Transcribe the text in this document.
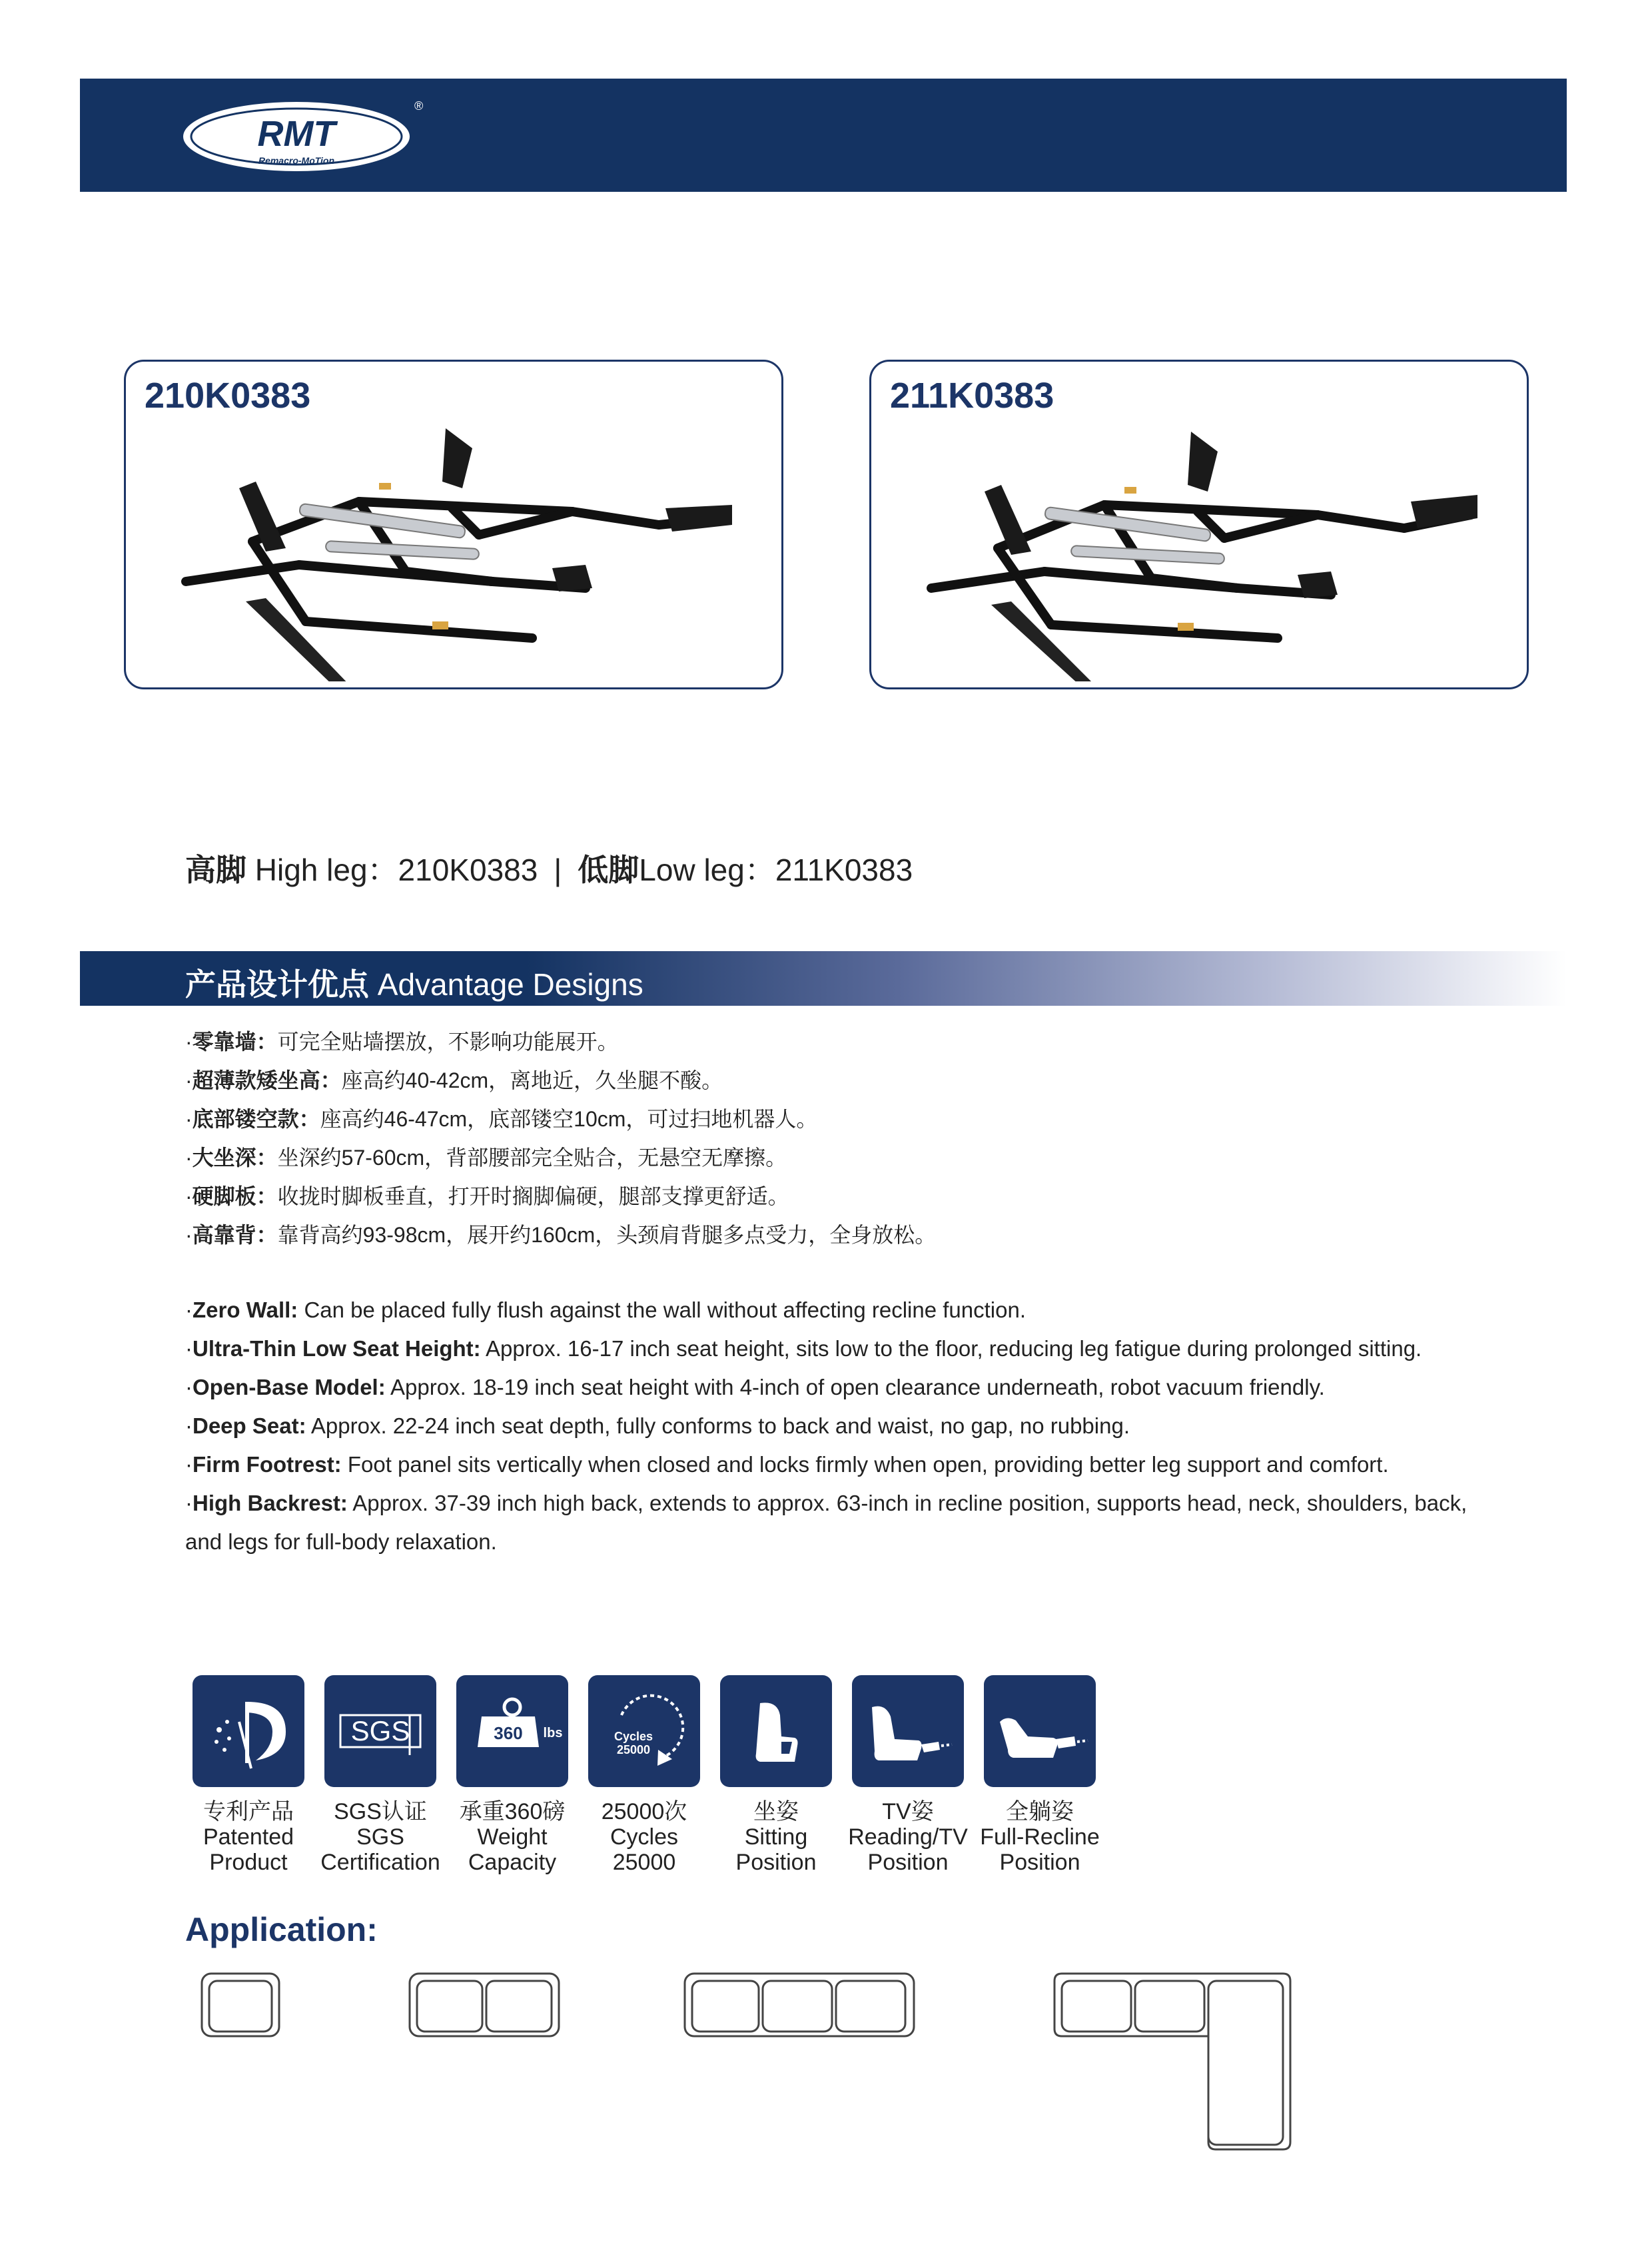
RMT
Remacro-MoTion
®
210K0383	211K0383
高脚 High leg：210K0383 | 低脚Low leg：211K0383
产品设计优点 Advantage Designs
·零靠墙：可完全贴墙摆放，不影响功能展开。
·超薄款矮坐高：座高约40-42cm，离地近，久坐腿不酸。
·底部镂空款：座高约46-47cm，底部镂空10cm，可过扫地机器人。
·大坐深：坐深约57-60cm，背部腰部完全贴合，无悬空无摩擦。
·硬脚板：收拢时脚板垂直，打开时搁脚偏硬，腿部支撑更舒适。
·高靠背：靠背高约93-98cm，展开约160cm，头颈肩背腿多点受力，全身放松。
·Zero Wall: Can be placed fully flush against the wall without affecting recline function.
·Ultra-Thin Low Seat Height: Approx. 16-17 inch seat height, sits low to the floor, reducing leg fatigue during prolonged sitting.
·Open-Base Model: Approx. 18-19 inch seat height with 4-inch of open clearance underneath, robot vacuum friendly.
·Deep Seat: Approx. 22-24 inch seat depth, fully conforms to back and waist, no gap, no rubbing.
·Firm Footrest: Foot panel sits vertically when closed and locks firmly when open, providing better leg support and comfort.
·High Backrest: Approx. 37-39 inch high back, extends to approx. 63-inch in recline position, supports head, neck, shoulders, back, and legs for full-body relaxation.
专利产品
Patented
Product
SGS
SGS认证
SGS
Certification
360 lbs
承重360磅
Weight
Capacity
Cycles
25000
25000次
Cycles
25000
坐姿
Sitting
Position
TV姿
Reading/TV
Position
全躺姿
Full-Recline
Position
Application:
